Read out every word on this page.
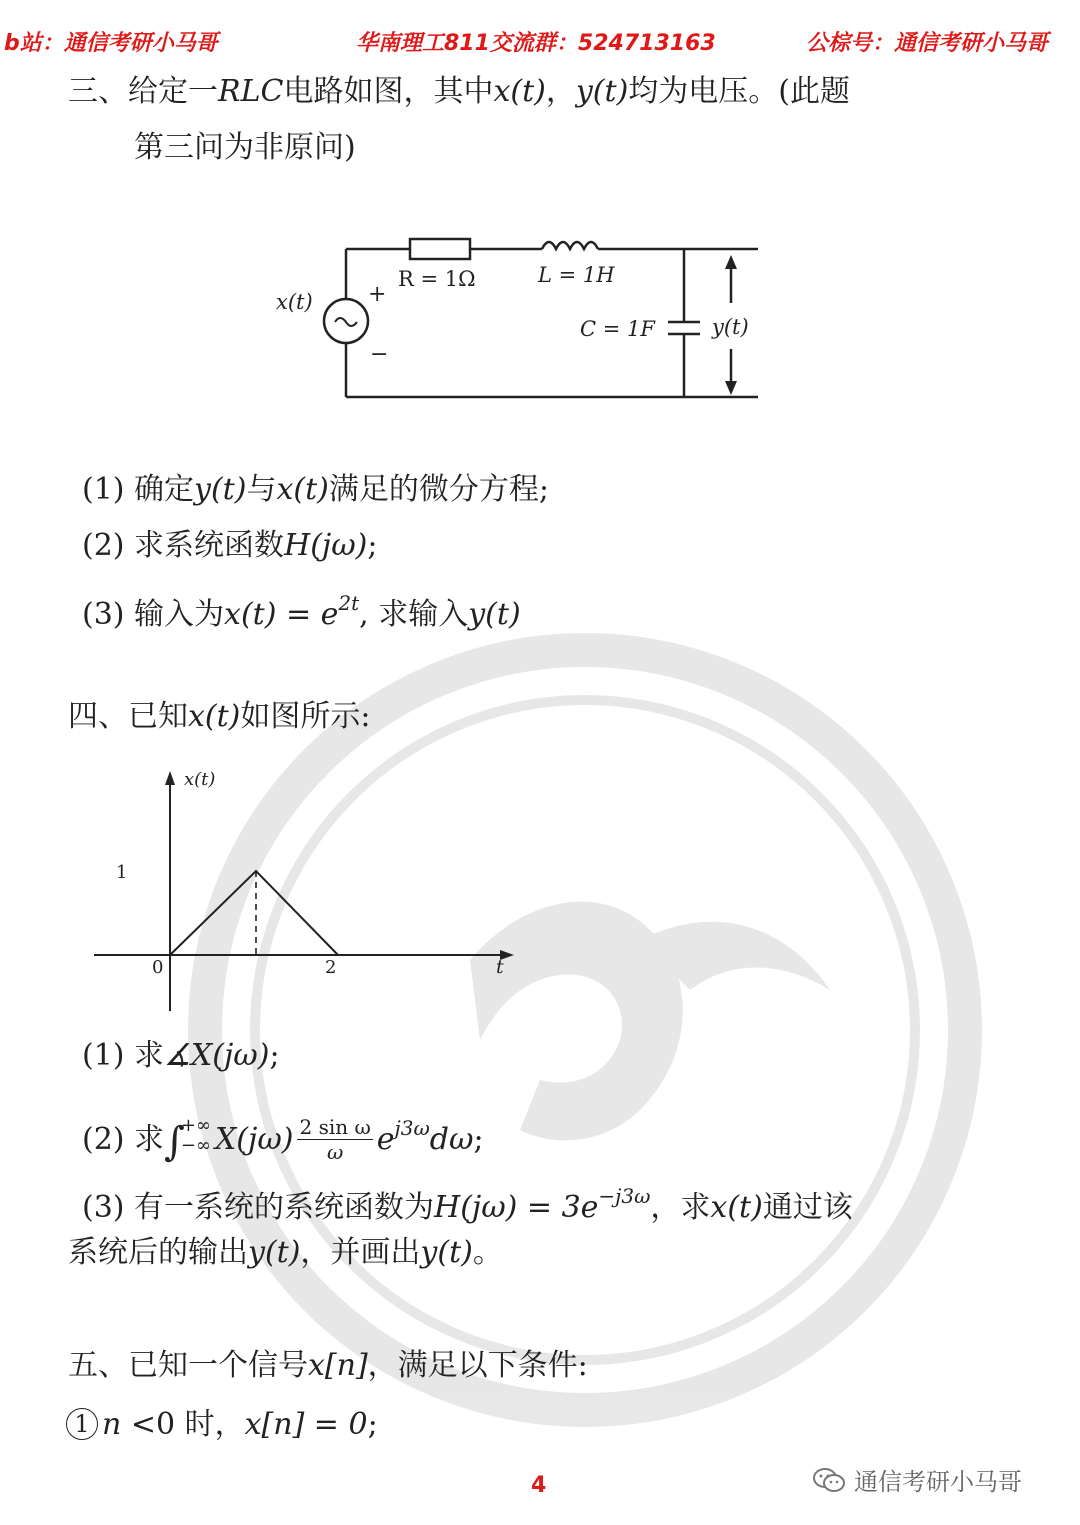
b站：通信考研小马哥	华南理工811交流群：524713163	公棕号：通信考研小马哥
三、给定一RLC电路如图，其中x(t)，y(t)均为电压。(此题
第三问为非原问)
x(t)	+
−
R = 1Ω	L = 1H
C = 1F	y(t)
(1) 确定y(t)与x(t)满足的微分方程;
(2) 求系统函数H(jω);
(3) 输入为$x(t) = e^{2t}$, 求输入y(t)
四、已知x(t)如图所示:
x(t)
t
1
0	2
(1) 求∡X(jω);
(2) 求∫
+∞
−∞ $X(j\omega) \frac{\text{2 sin ω}}{\omega} e^{j3\omega}d\omega$;
(3) 有一系统的系统函数为$H(j\omega) = 3e^{-j3\omega}$，求x(t)通过该
系统后的输出y(t)，并画出y(t)。
五、已知一个信号x[n]，满足以下条件:
1 n <0 时，x[n] = 0;
4	通信考研小马哥
